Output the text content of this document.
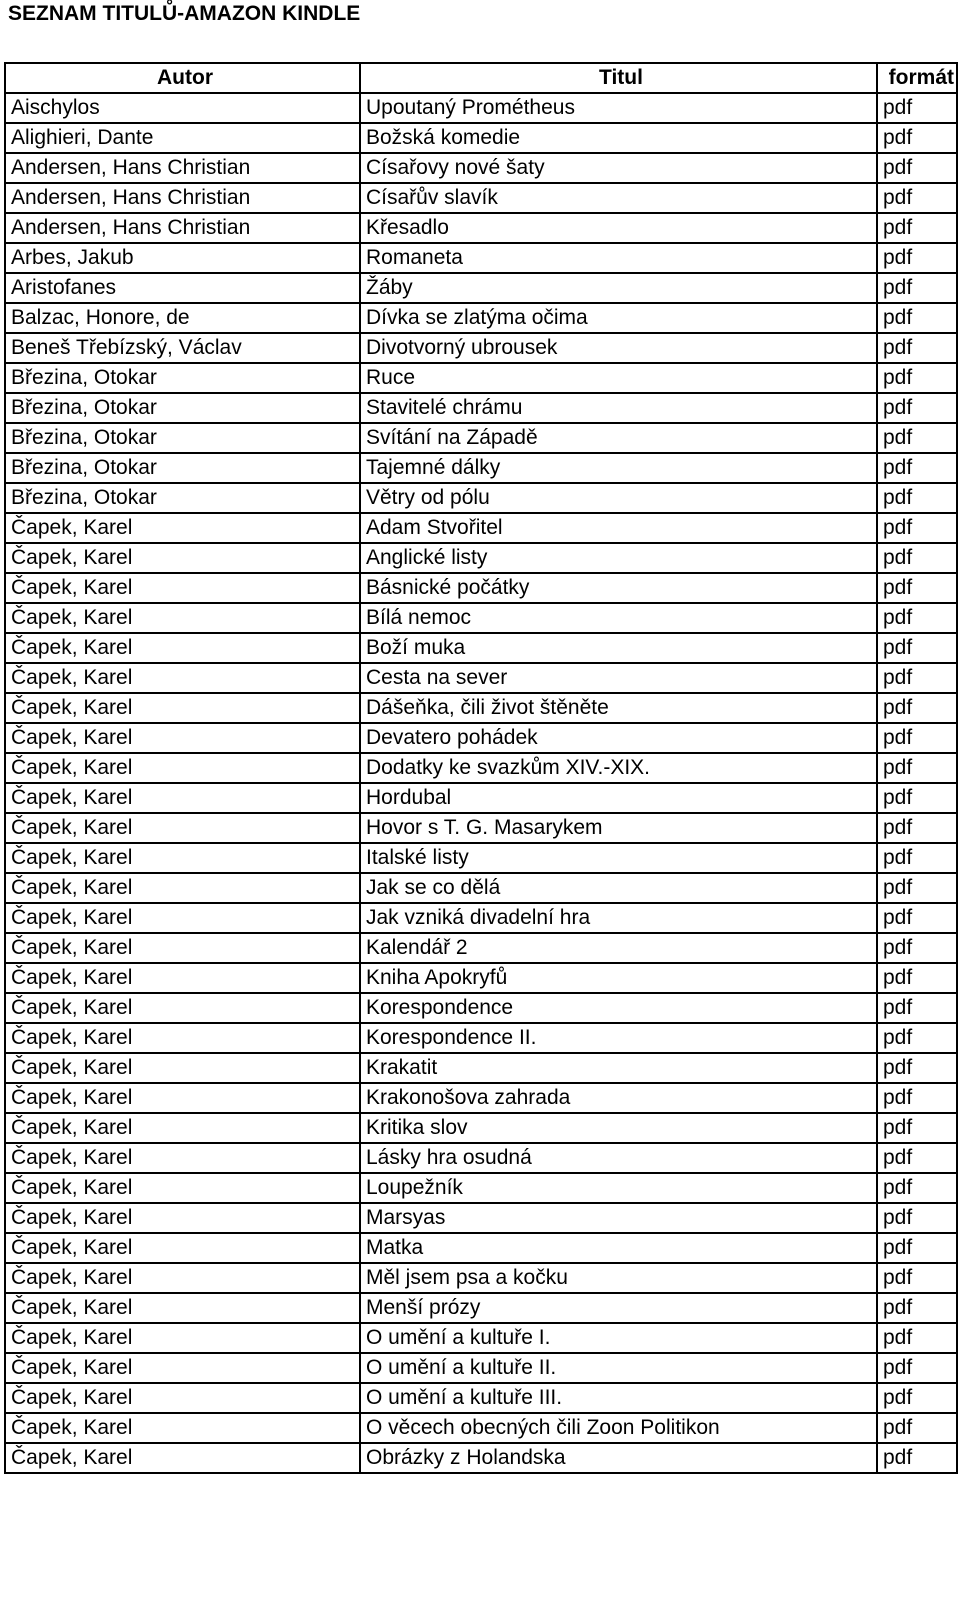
SEZNAM TITULŮ-AMAZON KINDLE
Autor	Titul	formát
Aischylos	Upoutaný Prométheus	pdf
Alighieri, Dante	Božská komedie	pdf
Andersen, Hans Christian	Císařovy nové šaty	pdf
Andersen, Hans Christian	Císařův slavík	pdf
Andersen, Hans Christian	Křesadlo	pdf
Arbes, Jakub	Romaneta	pdf
Aristofanes	Žáby	pdf
Balzac, Honore, de	Dívka se zlatýma očima	pdf
Beneš Třebízský, Václav	Divotvorný ubrousek	pdf
Březina, Otokar	Ruce	pdf
Březina, Otokar	Stavitelé chrámu	pdf
Březina, Otokar	Svítání na Západě	pdf
Březina, Otokar	Tajemné dálky	pdf
Březina, Otokar	Větry od pólu	pdf
Čapek, Karel	Adam Stvořitel	pdf
Čapek, Karel	Anglické listy	pdf
Čapek, Karel	Básnické počátky	pdf
Čapek, Karel	Bílá nemoc	pdf
Čapek, Karel	Boží muka	pdf
Čapek, Karel	Cesta na sever	pdf
Čapek, Karel	Dášeňka, čili život štěněte	pdf
Čapek, Karel	Devatero pohádek	pdf
Čapek, Karel	Dodatky ke svazkům XIV.-XIX.	pdf
Čapek, Karel	Hordubal	pdf
Čapek, Karel	Hovor s T. G. Masarykem	pdf
Čapek, Karel	Italské listy	pdf
Čapek, Karel	Jak se co dělá	pdf
Čapek, Karel	Jak vzniká divadelní hra	pdf
Čapek, Karel	Kalendář 2	pdf
Čapek, Karel	Kniha Apokryfů	pdf
Čapek, Karel	Korespondence	pdf
Čapek, Karel	Korespondence II.	pdf
Čapek, Karel	Krakatit	pdf
Čapek, Karel	Krakonošova zahrada	pdf
Čapek, Karel	Kritika slov	pdf
Čapek, Karel	Lásky hra osudná	pdf
Čapek, Karel	Loupežník	pdf
Čapek, Karel	Marsyas	pdf
Čapek, Karel	Matka	pdf
Čapek, Karel	Měl jsem psa a kočku	pdf
Čapek, Karel	Menší prózy	pdf
Čapek, Karel	O umění a kultuře I.	pdf
Čapek, Karel	O umění a kultuře II.	pdf
Čapek, Karel	O umění a kultuře III.	pdf
Čapek, Karel	O věcech obecných čili Zoon Politikon	pdf
Čapek, Karel	Obrázky z Holandska	pdf
